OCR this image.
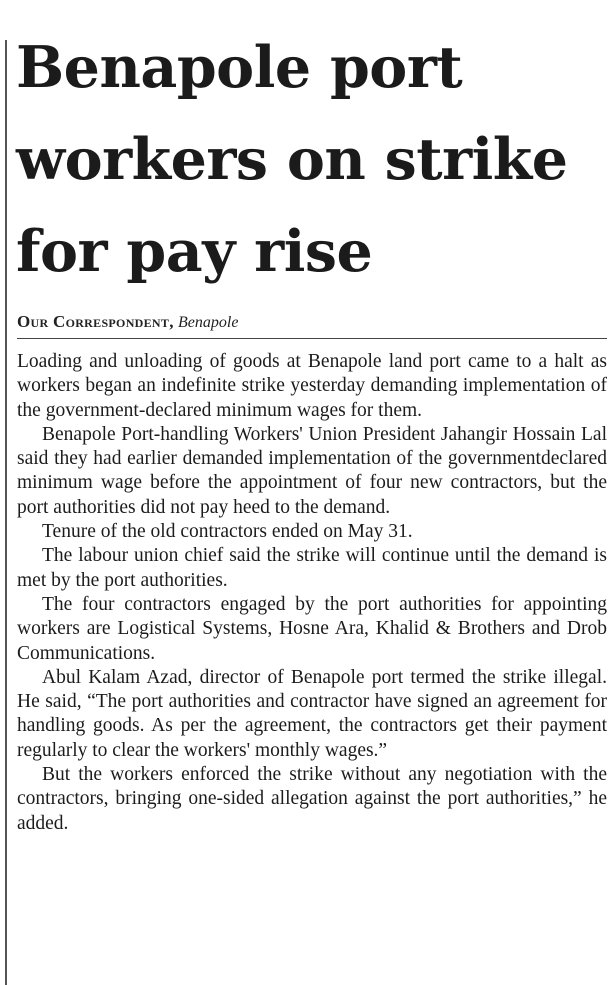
Benapole port
workers on strike
for pay rise
Our Correspondent, Benapole

Loading and unloading of goods at Benapole land port came to a halt as workers began an indefinite strike yesterday demanding implementation of the government-declared minimum wages for them.

Benapole Port-handling Workers' Union President Jahangir Hossain Lal said they had earlier demanded implementation of the governmentdeclared minimum wage before the appointment of four new contractors, but the port authorities did not pay heed to the demand.

Tenure of the old contractors ended on May 31.

The labour union chief said the strike will continue until the demand is met by the port authorities.

The four contractors engaged by the port authorities for appointing workers are Logistical Systems, Hosne Ara, Khalid & Brothers and Drob Communications.

Abul Kalam Azad, director of Benapole port termed the strike illegal. He said, “The port authorities and contractor have signed an agreement for handling goods. As per the agreement, the contractors get their payment regularly to clear the workers' monthly wages.”

But the workers enforced the strike without any negotiation with the contractors, bringing one-sided allegation against the port authorities,” he added.
